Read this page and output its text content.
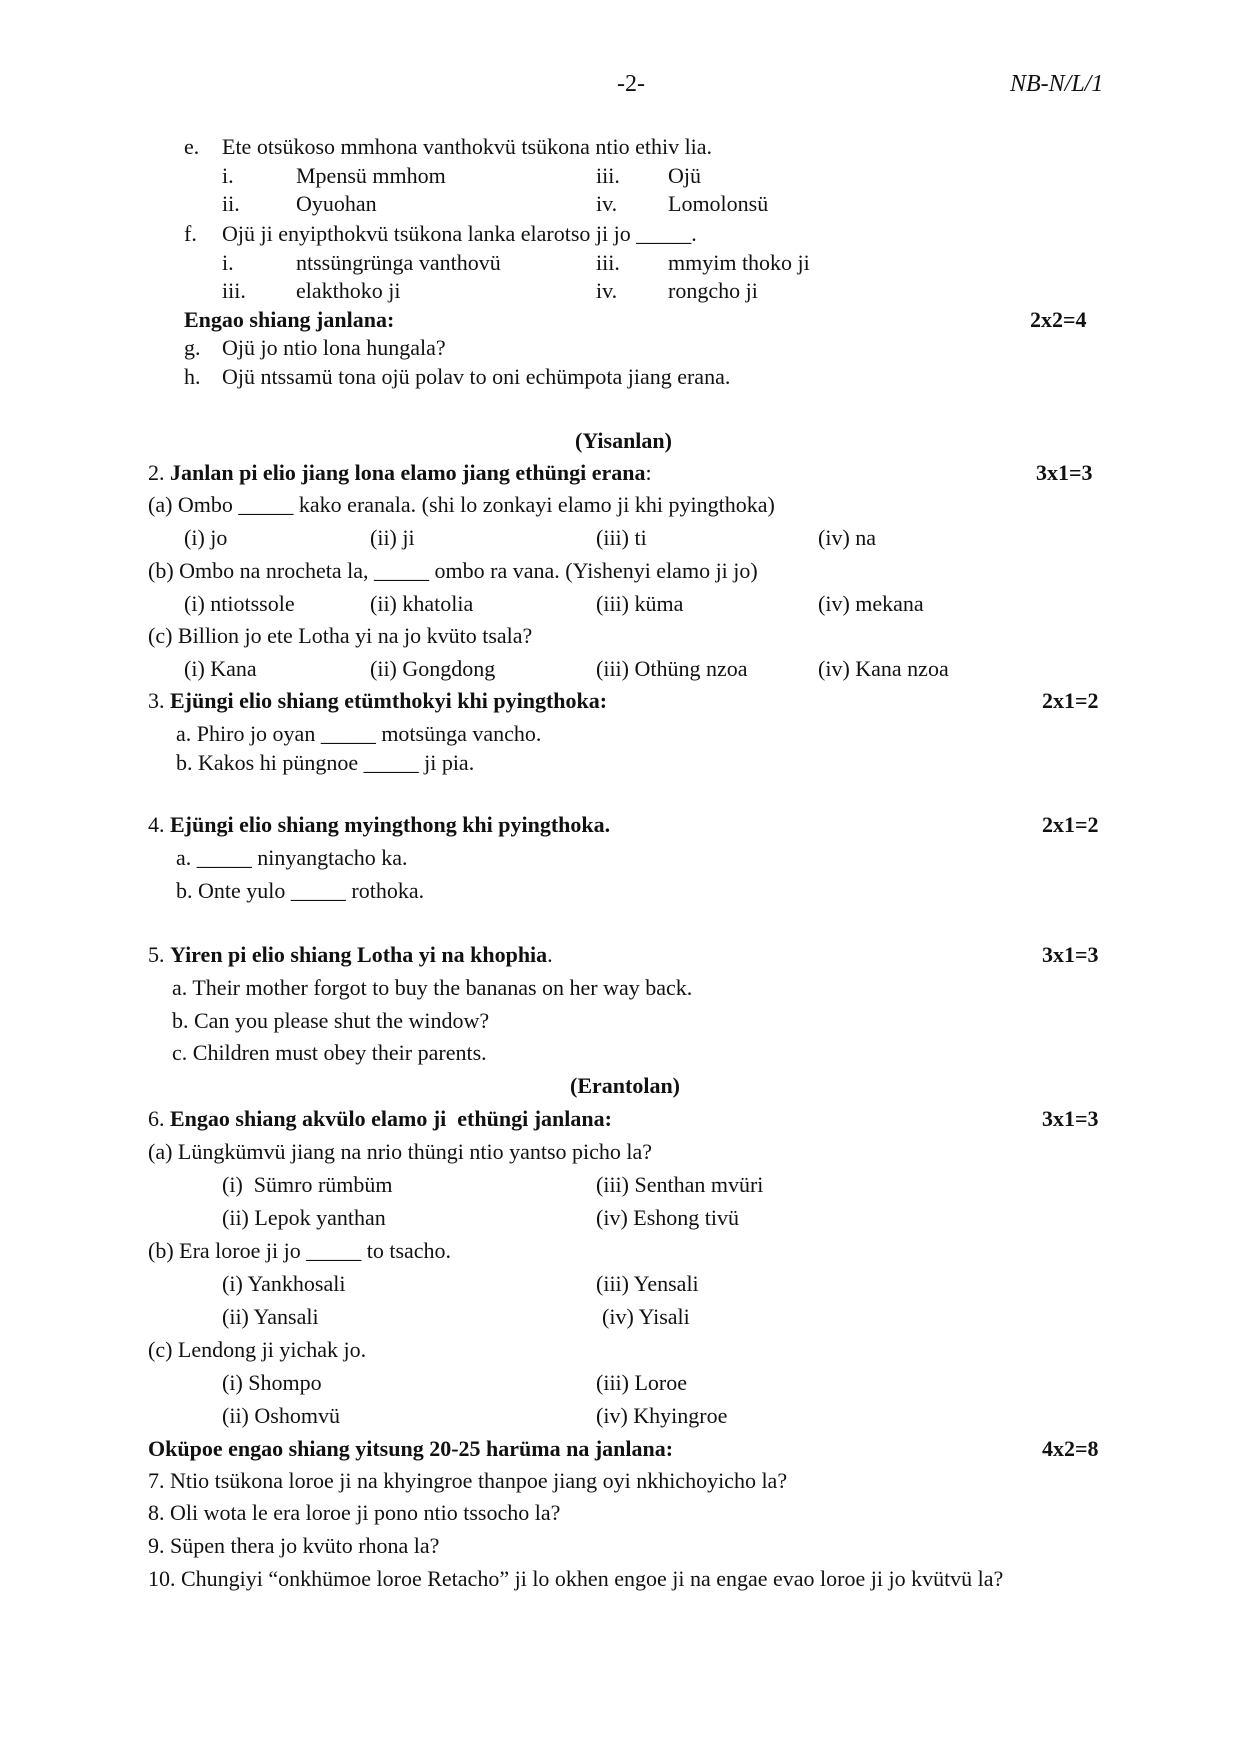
-2-	NB-N/L/1
e. Ete otsükoso mmhona vanthokvü tsükona ntio ethiv lia.
i.	Mpensü mmhom	iii. Ojü
ii.	Oyuohan	iv. Lomolonsü
f. Ojü ji enyipthokvü tsükona lanka elarotso ji jo _____.
i.	ntssüngrünga vanthovü	iii. mmyim thoko ji
iii. elakthoko ji	iv. rongcho ji
Engao shiang janlana:	2x2=4
g. Ojü jo ntio lona hungala?
h. Ojü ntssamü tona ojü polav to oni echümpota jiang erana.
(Yisanlan)
2. Janlan pi elio jiang lona elamo jiang ethüngi erana:	3x1=3
(a) Ombo _____ kako eranala. (shi lo zonkayi elamo ji khi pyingthoka)
(i) jo	(ii) ji	(iii) ti	(iv) na
(b) Ombo na nrocheta la, _____ ombo ra vana. (Yishenyi elamo ji jo)
(i) ntiotssole	(ii) khatolia	(iii) küma	(iv) mekana
(c) Billion jo ete Lotha yi na jo kvüto tsala?
(i) Kana	(ii) Gongdong	(iii) Othüng nzoa	(iv) Kana nzoa
3. Ejüngi elio shiang etümthokyi khi pyingthoka:	2x1=2
a. Phiro jo oyan _____ motsünga vancho.
b. Kakos hi püngnoe _____ ji pia.
4. Ejüngi elio shiang myingthong khi pyingthoka.	2x1=2
a. _____ ninyangtacho ka.
b. Onte yulo _____ rothoka.
5. Yiren pi elio shiang Lotha yi na khophia.	3x1=3
a. Their mother forgot to buy the bananas on her way back.
b. Can you please shut the window?
c. Children must obey their parents.
(Erantolan)
6. Engao shiang akvülo elamo ji  ethüngi janlana:	3x1=3
(a) Lüngkümvü jiang na nrio thüngi ntio yantso picho la?
(i)  Sümro rümbüm	(iii) Senthan mvüri
(ii) Lepok yanthan	(iv) Eshong tivü
(b) Era loroe ji jo _____ to tsacho.
(i) Yankhosali	(iii) Yensali
(ii) Yansali	(iv) Yisali
(c) Lendong ji yichak jo.
(i) Shompo	(iii) Loroe
(ii) Oshomvü	(iv) Khyingroe
Oküpoe engao shiang yitsung 20-25 harüma na janlana:	4x2=8
7. Ntio tsükona loroe ji na khyingroe thanpoe jiang oyi nkhichoyicho la?
8. Oli wota le era loroe ji pono ntio tssocho la?
9. Süpen thera jo kvüto rhona la?
10. Chungiyi “onkhümoe loroe Retacho” ji lo okhen engoe ji na engae evao loroe ji jo kvütvü la?
